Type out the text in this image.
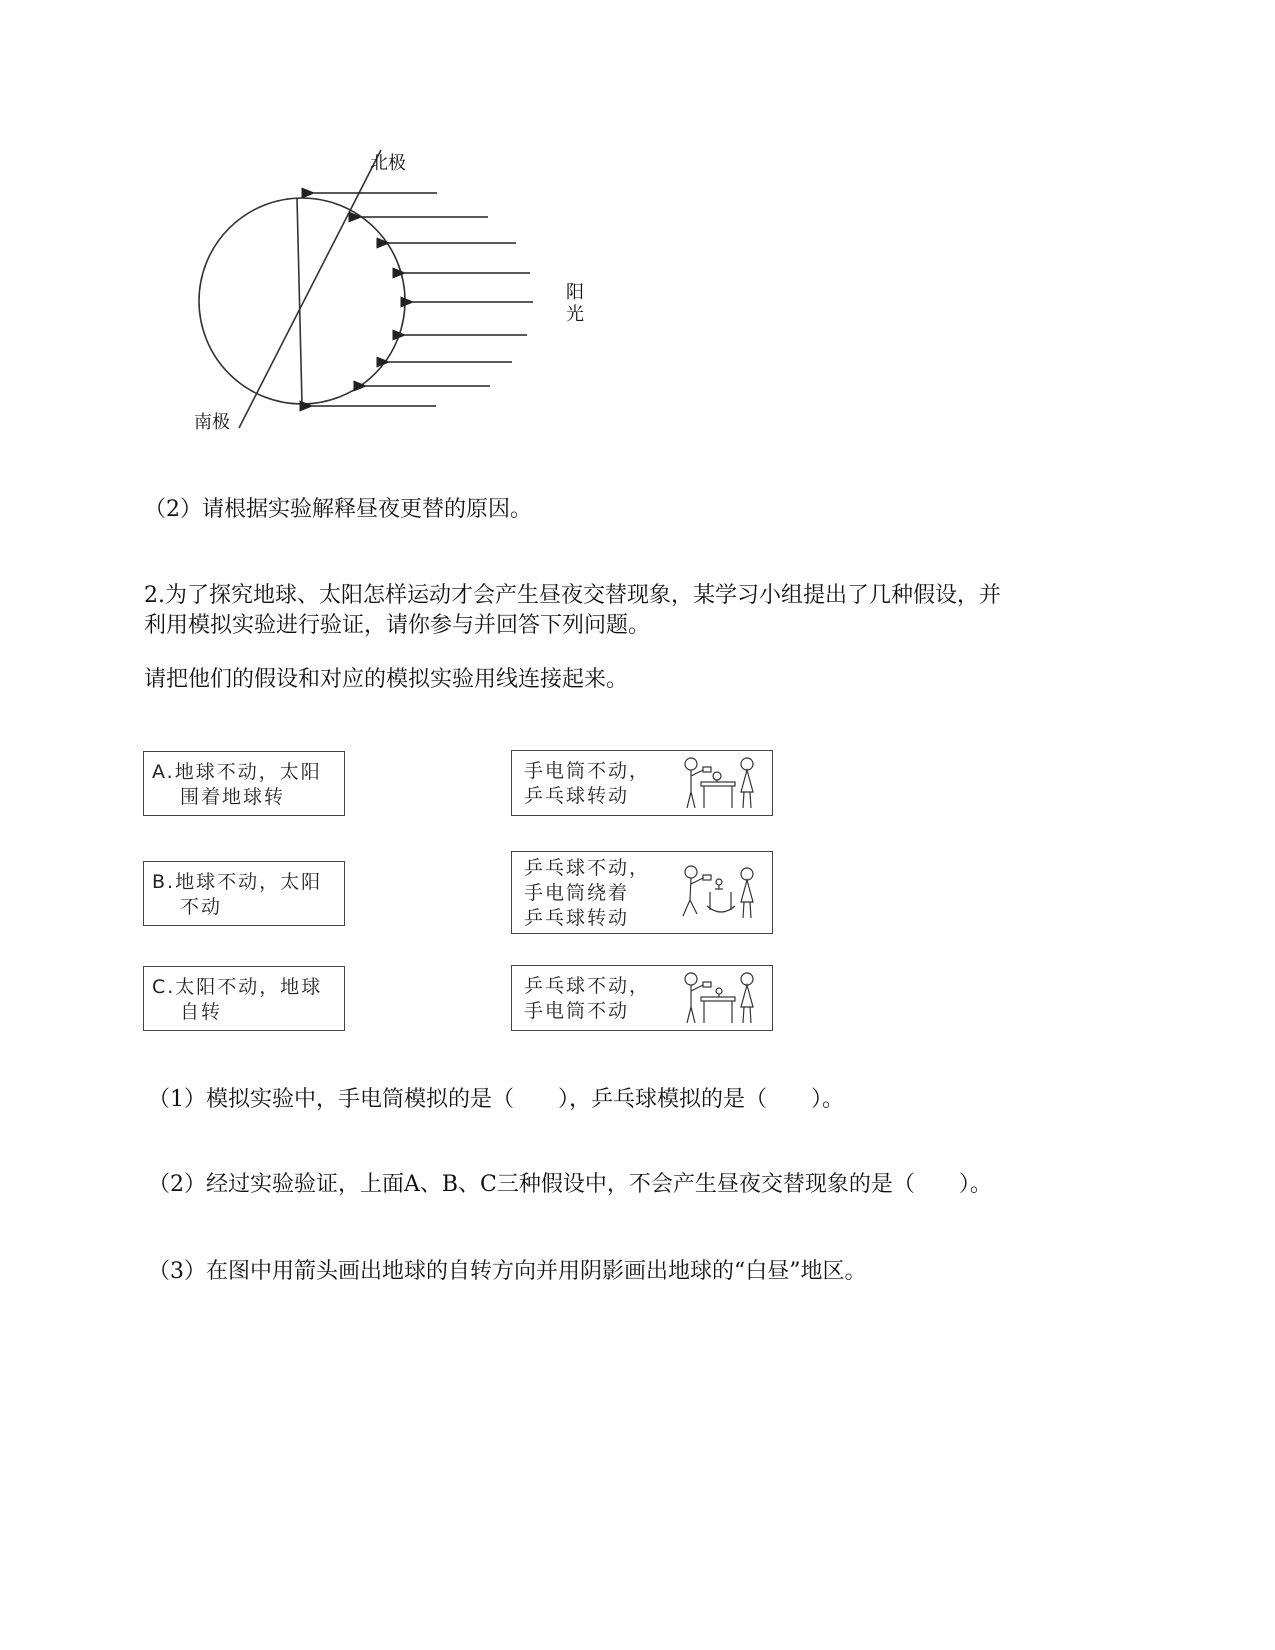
北极
南极
阳
光
（2）请根据实验解释昼夜更替的原因。
2.为了探究地球、太阳怎样运动才会产生昼夜交替现象，某学习小组提出了几种假设，并
利用模拟实验进行验证，请你参与并回答下列问题。
请把他们的假设和对应的模拟实验用线连接起来。
A.地球不动，太阳
围着地球转
B.地球不动，太阳
不动
C.太阳不动，地球
自转
手电筒不动，
乒乓球转动
乒乓球不动，
手电筒绕着
乒乓球转动
乒乓球不动，
手电筒不动
（1）模拟实验中，手电筒模拟的是（　　），乒乓球模拟的是（　　）。
（2）经过实验验证，上面A、B、C三种假设中，不会产生昼夜交替现象的是（　　）。
（3）在图中用箭头画出地球的自转方向并用阴影画出地球的“白昼”地区。
